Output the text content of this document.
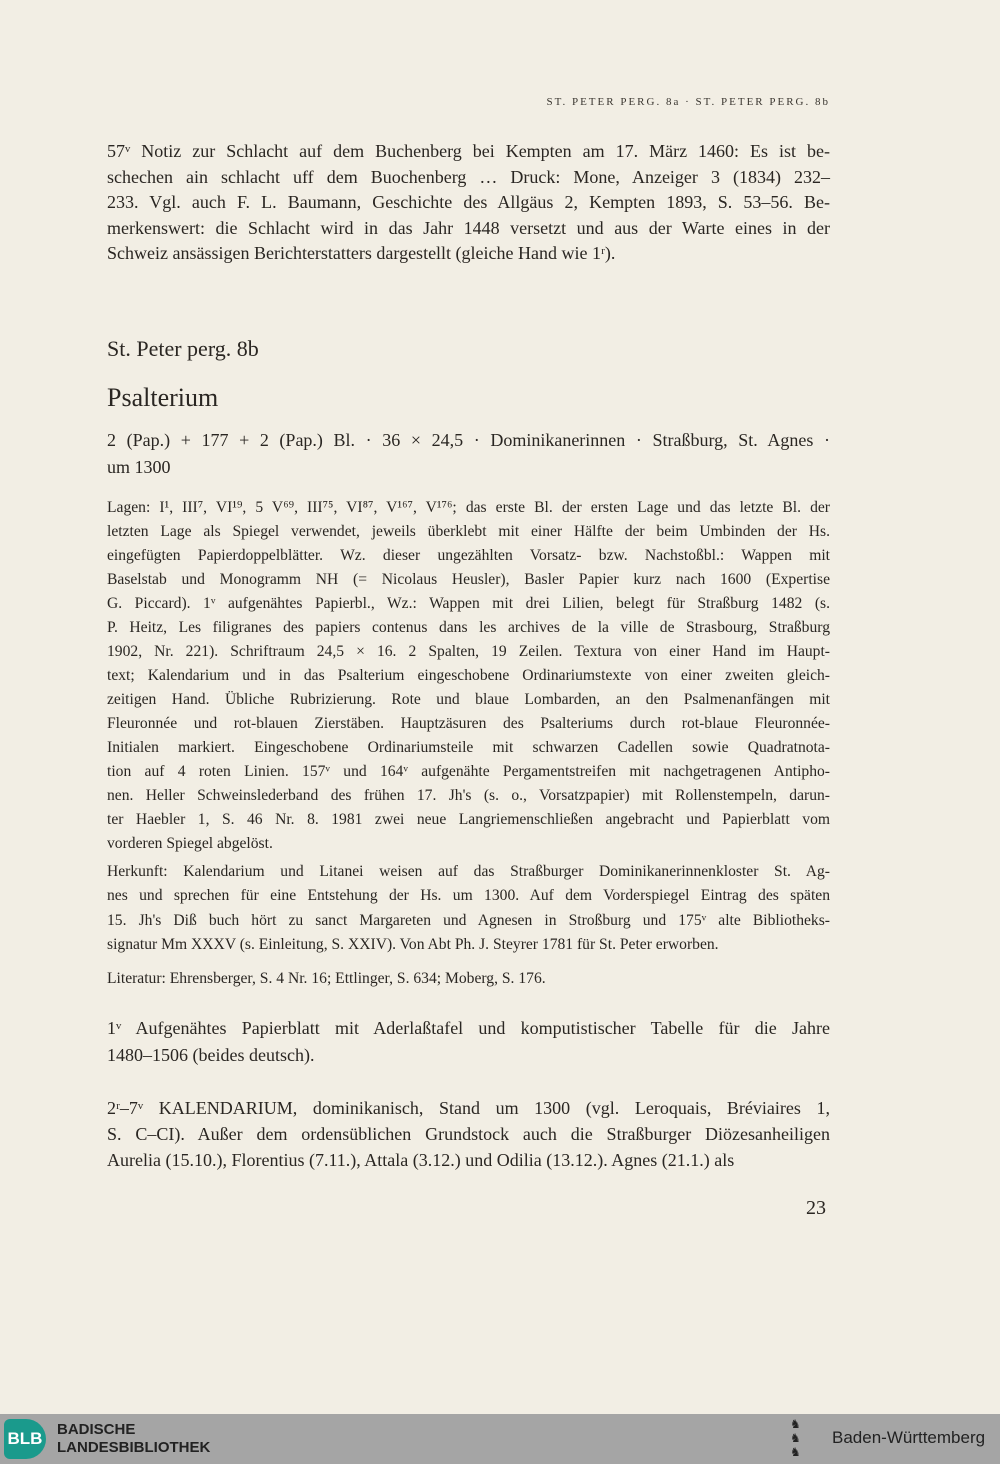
ST. PETER PERG. 8a · ST. PETER PERG. 8b
57ᵛ Notiz zur Schlacht auf dem Buchenberg bei Kempten am 17. März 1460: Es ist be-
schechen ain schlacht uff dem Buochenberg … Druck: Mone, Anzeiger 3 (1834) 232–
233. Vgl. auch F. L. Baumann, Geschichte des Allgäus 2, Kempten 1893, S. 53–56. Be-
merkenswert: die Schlacht wird in das Jahr 1448 versetzt und aus der Warte eines in der
Schweiz ansässigen Berichterstatters dargestellt (gleiche Hand wie 1ʳ).
St. Peter perg. 8b
Psalterium
2 (Pap.) + 177 + 2 (Pap.) Bl. · 36 × 24,5 · Dominikanerinnen · Straßburg, St. Agnes ·
um 1300
Lagen: I¹, III⁷, VI¹⁹, 5 V⁶⁹, III⁷⁵, VI⁸⁷, V¹⁶⁷, V¹⁷⁶; das erste Bl. der ersten Lage und das letzte Bl. der
letzten Lage als Spiegel verwendet, jeweils überklebt mit einer Hälfte der beim Umbinden der Hs.
eingefügten Papierdoppelblätter. Wz. dieser ungezählten Vorsatz- bzw. Nachstoßbl.: Wappen mit
Baselstab und Monogramm NH (= Nicolaus Heusler), Basler Papier kurz nach 1600 (Expertise
G. Piccard). 1ᵛ aufgenähtes Papierbl., Wz.: Wappen mit drei Lilien, belegt für Straßburg 1482 (s.
P. Heitz, Les filigranes des papiers contenus dans les archives de la ville de Strasbourg, Straßburg
1902, Nr. 221). Schriftraum 24,5 × 16. 2 Spalten, 19 Zeilen. Textura von einer Hand im Haupt-
text; Kalendarium und in das Psalterium eingeschobene Ordinariumstexte von einer zweiten gleich-
zeitigen Hand. Übliche Rubrizierung. Rote und blaue Lombarden, an den Psalmenanfängen mit
Fleuronnée und rot-blauen Zierstäben. Hauptzäsuren des Psalteriums durch rot-blaue Fleuronnée-
Initialen markiert. Eingeschobene Ordinariumsteile mit schwarzen Cadellen sowie Quadratnota-
tion auf 4 roten Linien. 157ᵛ und 164ᵛ aufgenähte Pergamentstreifen mit nachgetragenen Antipho-
nen. Heller Schweinslederband des frühen 17. Jh's (s. o., Vorsatzpapier) mit Rollenstempeln, darun-
ter Haebler 1, S. 46 Nr. 8. 1981 zwei neue Langriemenschließen angebracht und Papierblatt vom
vorderen Spiegel abgelöst.
Herkunft: Kalendarium und Litanei weisen auf das Straßburger Dominikanerinnenkloster St. Ag-
nes und sprechen für eine Entstehung der Hs. um 1300. Auf dem Vorderspiegel Eintrag des späten
15. Jh's Diß buch hört zu sanct Margareten und Agnesen in Stroßburg und 175ᵛ alte Bibliotheks-
signatur Mm XXXV (s. Einleitung, S. XXIV). Von Abt Ph. J. Steyrer 1781 für St. Peter erworben.
Literatur: Ehrensberger, S. 4 Nr. 16; Ettlinger, S. 634; Moberg, S. 176.
1ᵛ Aufgenähtes Papierblatt mit Aderlaßtafel und komputistischer Tabelle für die Jahre
1480–1506 (beides deutsch).
2ʳ–7ᵛ KALENDARIUM, dominikanisch, Stand um 1300 (vgl. Leroquais, Bréviaires 1,
S. C–CI). Außer dem ordensüblichen Grundstock auch die Straßburger Diözesanheiligen
Aurelia (15.10.), Florentius (7.11.), Attala (3.12.) und Odilia (13.12.). Agnes (21.1.) als
23
BLB BADISCHE
LANDESBIBLIOTHEK
♞
♞
♞
Baden-Württemberg
